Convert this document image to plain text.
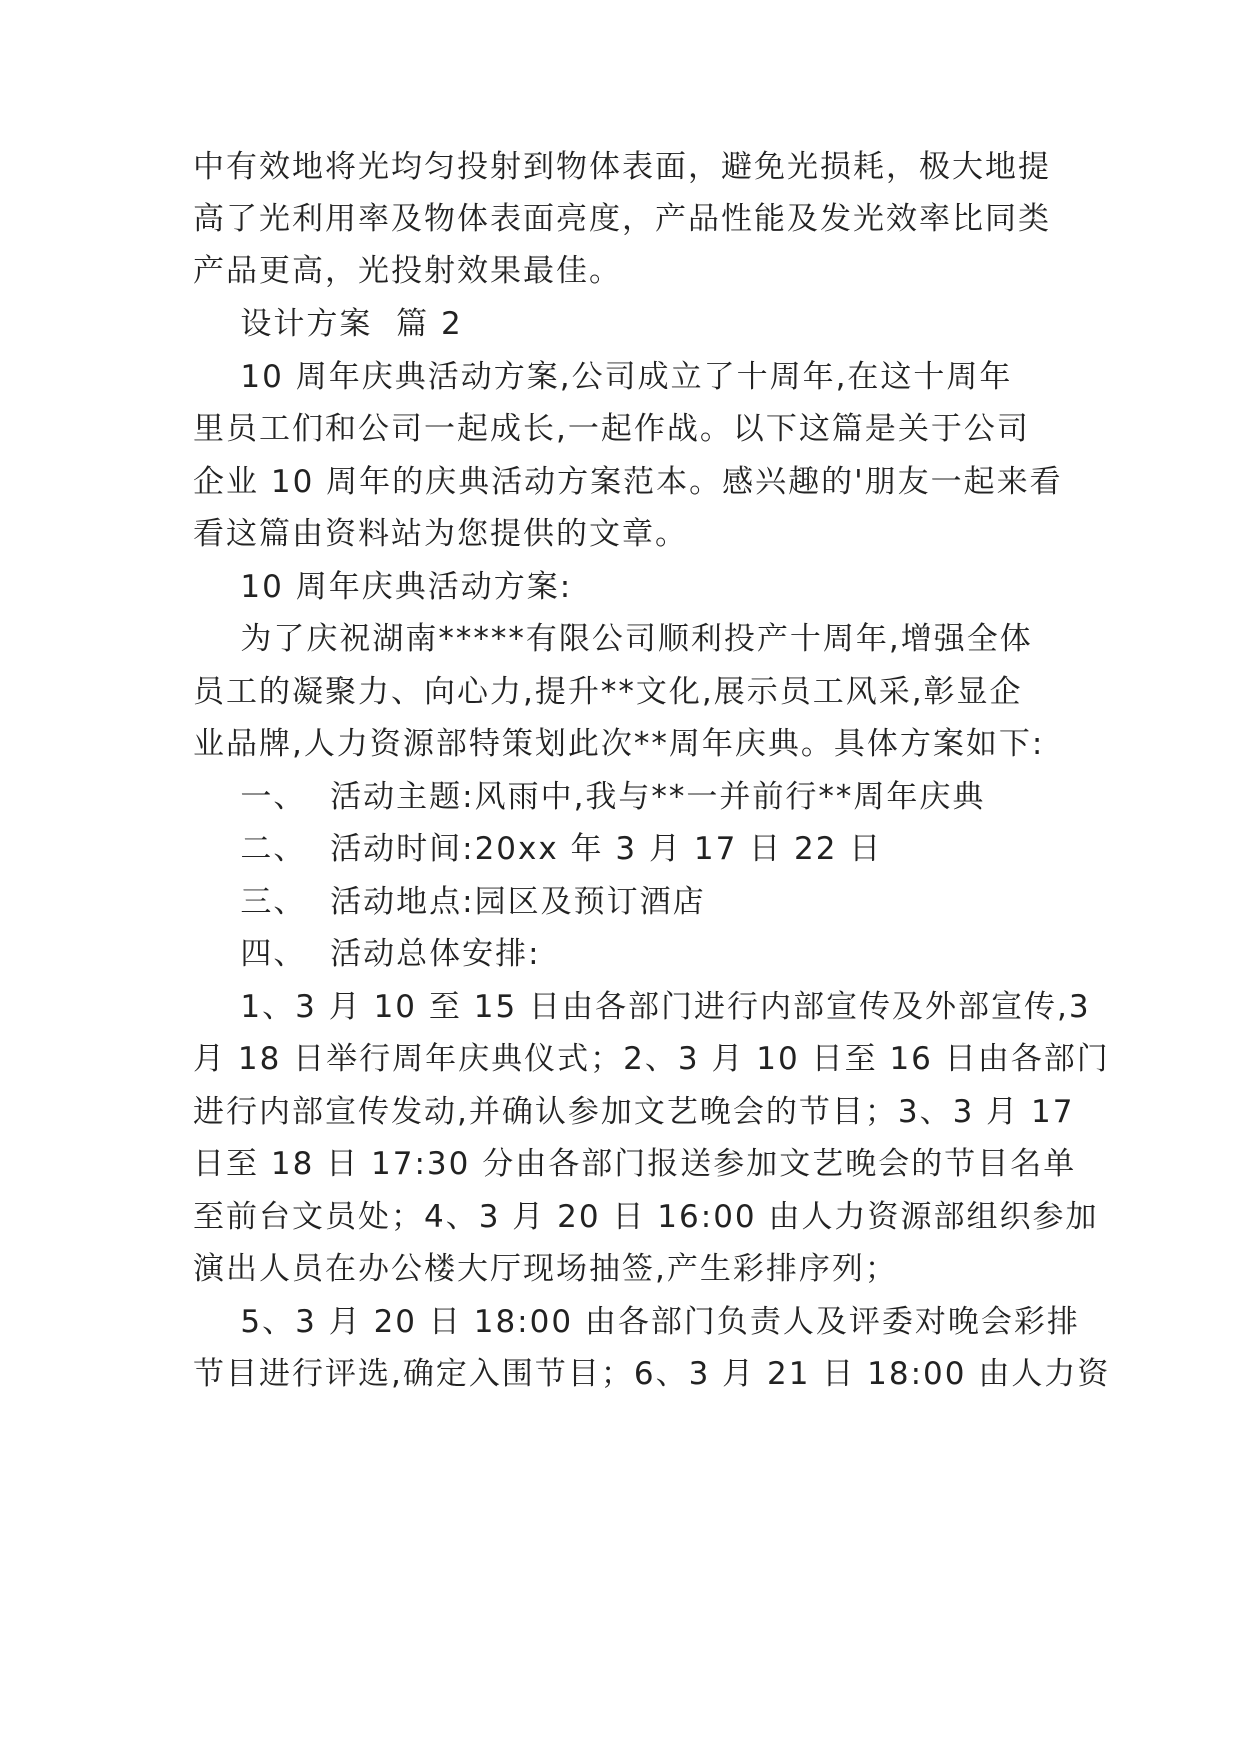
中有效地将光均匀投射到物体表面，避免光损耗，极大地提
高了光利用率及物体表面亮度，产品性能及发光效率比同类
产品更高，光投射效果最佳。
设计方案  篇 2
10 周年庆典活动方案,公司成立了十周年,在这十周年
里员工们和公司一起成长,一起作战。以下这篇是关于公司
企业 10 周年的庆典活动方案范本。感兴趣的'朋友一起来看
看这篇由资料站为您提供的文章。
10 周年庆典活动方案:
为了庆祝湖南*****有限公司顺利投产十周年,增强全体
员工的凝聚力、向心力,提升**文化,展示员工风采,彰显企
业品牌,人力资源部特策划此次**周年庆典。具体方案如下:
一、  活动主题:风雨中,我与**一并前行**周年庆典
二、  活动时间:20xx 年 3 月 17 日 22 日
三、  活动地点:园区及预订酒店
四、  活动总体安排:
1、3 月 10 至 15 日由各部门进行内部宣传及外部宣传,3
月 18 日举行周年庆典仪式；2、3 月 10 日至 16 日由各部门
进行内部宣传发动,并确认参加文艺晚会的节目；3、3 月 17
日至 18 日 17:30 分由各部门报送参加文艺晚会的节目名单
至前台文员处；4、3 月 20 日 16:00 由人力资源部组织参加
演出人员在办公楼大厅现场抽签,产生彩排序列；
5、3 月 20 日 18:00 由各部门负责人及评委对晚会彩排
节目进行评选,确定入围节目；6、3 月 21 日 18:00 由人力资
